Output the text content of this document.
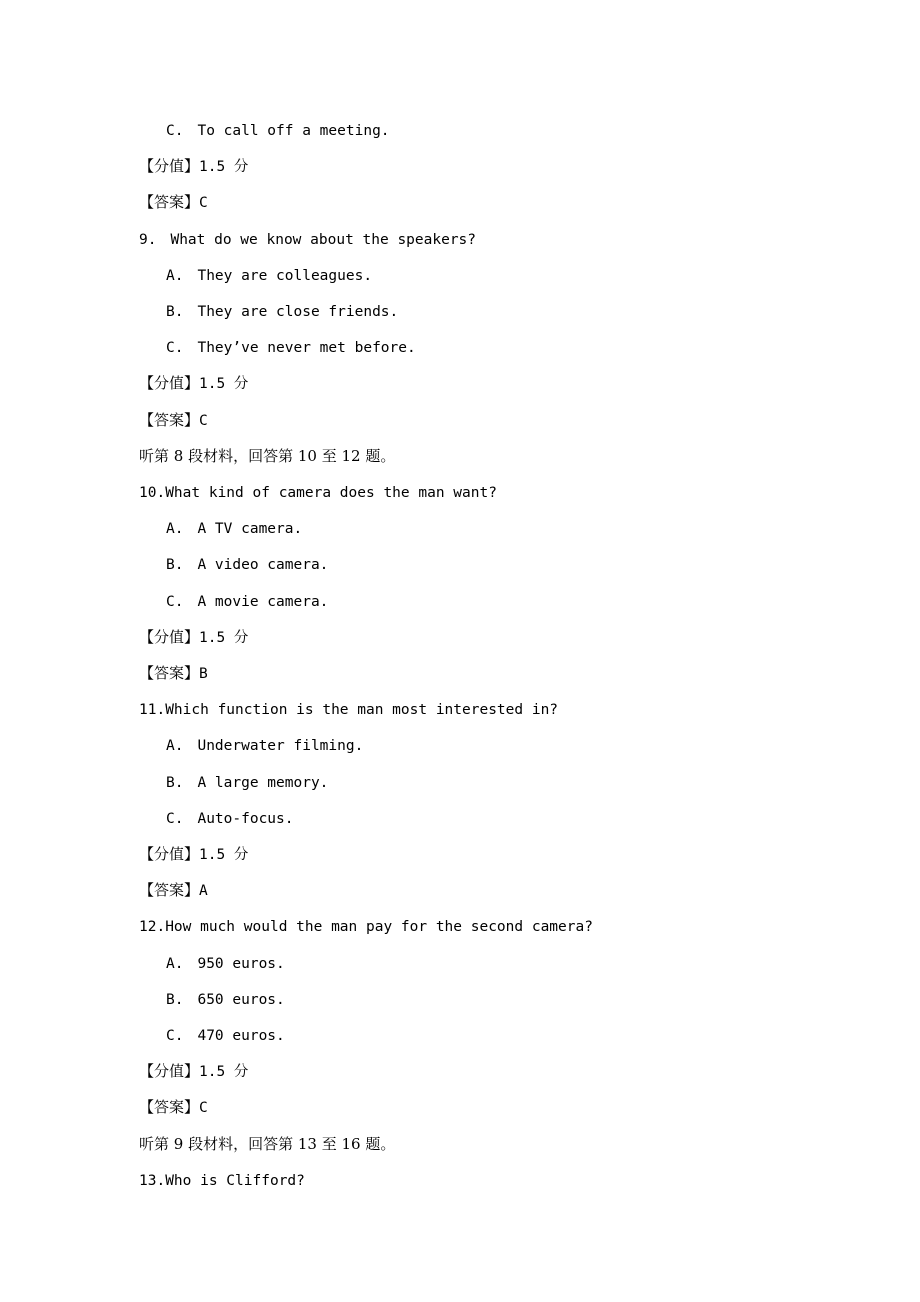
C. To call off a meeting.
【分值】1.5 分
【答案】C
9. What do we know about the speakers?
A. They are colleagues.
B. They are close friends.
C. They’ve never met before.
【分值】1.5 分
【答案】C
听第 8 段材料，回答第 10 至 12 题。
10.What kind of camera does the man want?
A. A TV camera.
B. A video camera.
C. A movie camera.
【分值】1.5 分
【答案】B
11.Which function is the man most interested in?
A. Underwater filming.
B. A large memory.
C. Auto-focus.
【分值】1.5 分
【答案】A
12.How much would the man pay for the second camera?
A. 950 euros.
B. 650 euros.
C. 470 euros.
【分值】1.5 分
【答案】C
听第 9 段材料，回答第 13 至 16 题。
13.Who is Clifford?
